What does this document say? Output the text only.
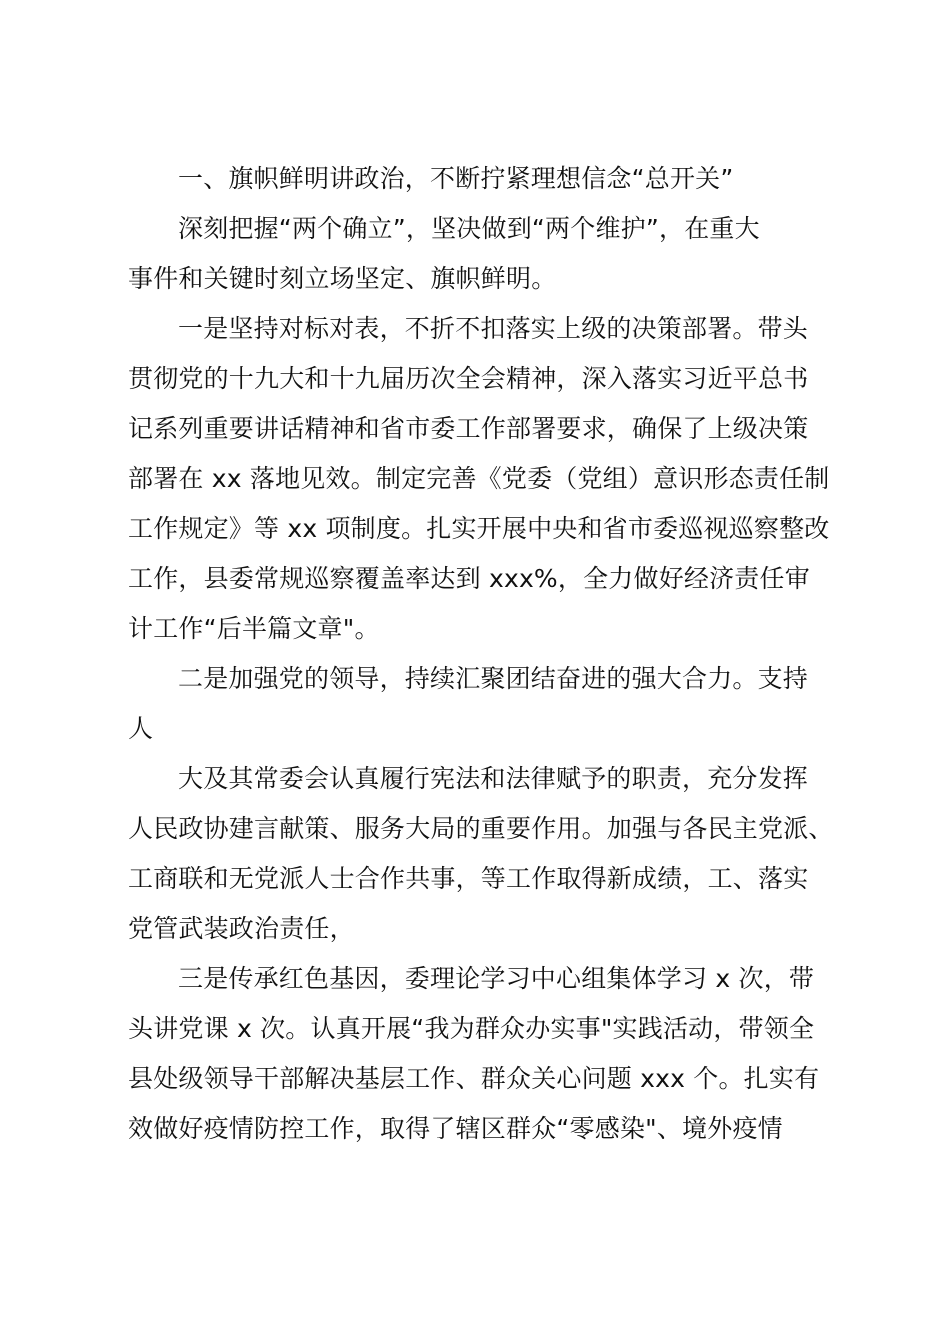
一、旗帜鲜明讲政治，不断拧紧理想信念“总开关”
深刻把握“两个确立”，坚决做到“两个维护”，在重大
事件和关键时刻立场坚定、旗帜鲜明。
一是坚持对标对表，不折不扣落实上级的决策部署。带头
贯彻党的十九大和十九届历次全会精神，深入落实习近平总书
记系列重要讲话精神和省市委工作部署要求，确保了上级决策
部署在 xx 落地见效。制定完善《党委（党组）意识形态责任制
工作规定》等 xx 项制度。扎实开展中央和省市委巡视巡察整改
工作，县委常规巡察覆盖率达到 xxx%，全力做好经济责任审
计工作“后半篇文章"。
二是加强党的领导，持续汇聚团结奋进的强大合力。支持
人
大及其常委会认真履行宪法和法律赋予的职责，充分发挥
人民政协建言献策、服务大局的重要作用。加强与各民主党派、
工商联和无党派人士合作共事，等工作取得新成绩，工、落实
党管武装政治责任，
三是传承红色基因，委理论学习中心组集体学习 x 次，带
头讲党课 x 次。认真开展“我为群众办实事"实践活动，带领全
县处级领导干部解决基层工作、群众关心问题 xxx 个。扎实有
效做好疫情防控工作，取得了辖区群众“零感染"、境外疫情
